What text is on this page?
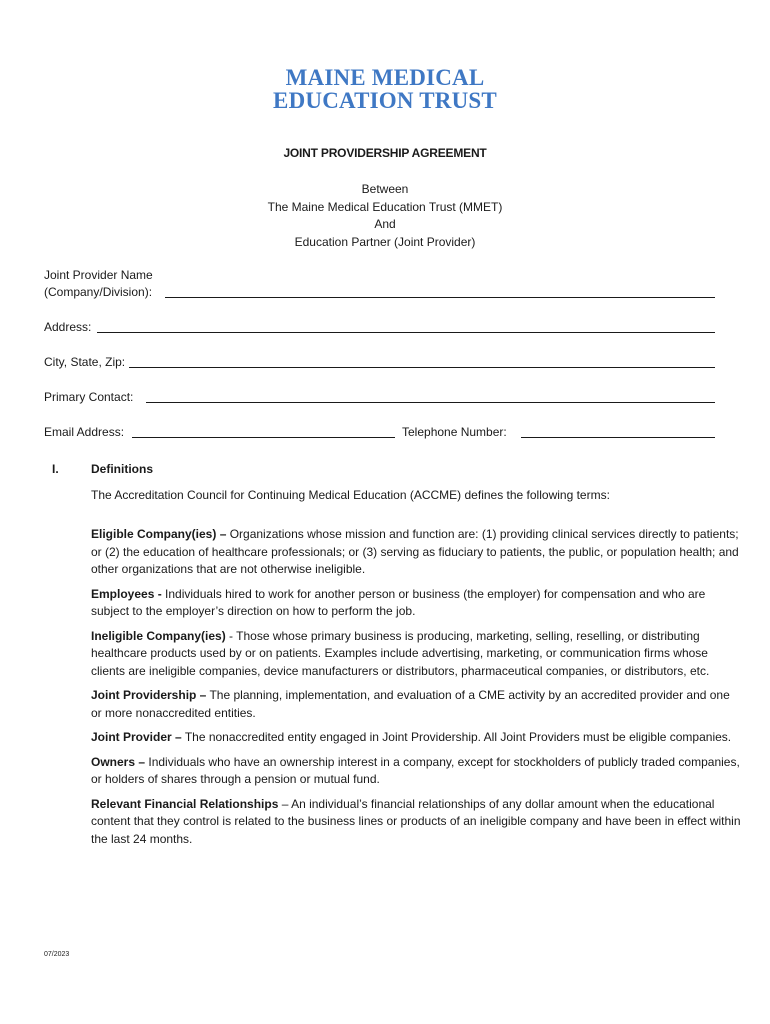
MAINE MEDICAL
EDUCATION TRUST
JOINT PROVIDERSHIP AGREEMENT
Between
The Maine Medical Education Trust (MMET)
And
Education Partner (Joint Provider)
Joint Provider Name
(Company/Division):
Address:
City, State, Zip:
Primary Contact:
Email Address:	Telephone Number:
I.	Definitions
The Accreditation Council for Continuing Medical Education (ACCME) defines the following terms:

Eligible Company(ies) – Organizations whose mission and function are: (1) providing clinical services directly to patients; or (2) the education of healthcare professionals; or (3) serving as fiduciary to patients, the public, or population health; and other organizations that are not otherwise ineligible.

Employees - Individuals hired to work for another person or business (the employer) for compensation and who are subject to the employer’s direction on how to perform the job.

Ineligible Company(ies) - Those whose primary business is producing, marketing, selling, reselling, or distributing healthcare products used by or on patients. Examples include advertising, marketing, or communication firms whose clients are ineligible companies, device manufacturers or distributors, pharmaceutical companies, or distributors, etc.

Joint Providership – The planning, implementation, and evaluation of a CME activity by an accredited provider and one or more nonaccredited entities.

Joint Provider – The nonaccredited entity engaged in Joint Providership. All Joint Providers must be eligible companies.

Owners – Individuals who have an ownership interest in a company, except for stockholders of publicly traded companies, or holders of shares through a pension or mutual fund.

Relevant Financial Relationships – An individual’s financial relationships of any dollar amount when the educational content that they control is related to the business lines or products of an ineligible company and have been in effect within the last 24 months.

07/2023
